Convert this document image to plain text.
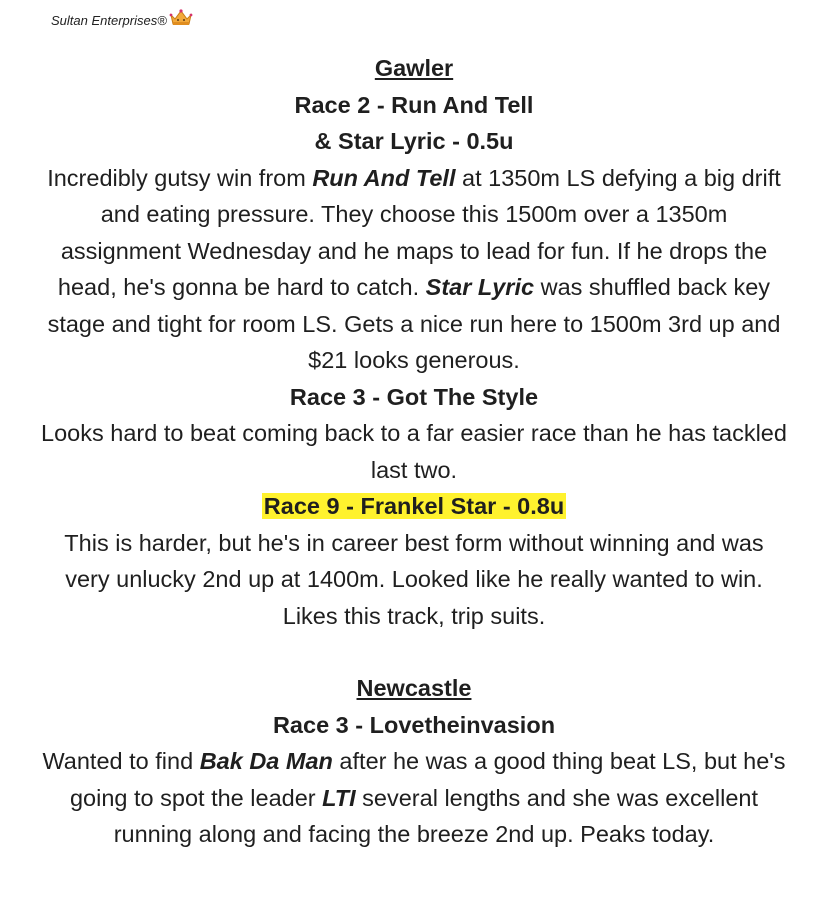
Sultan Enterprises®

Gawler

Race 2 - Run And Tell

& Star Lyric - 0.5u

Incredibly gutsy win from Run And Tell at 1350m LS defying a big drift and eating pressure. They choose this 1500m over a 1350m assignment Wednesday and he maps to lead for fun. If he drops the head, he's gonna be hard to catch. Star Lyric was shuffled back key stage and tight for room LS. Gets a nice run here to 1500m 3rd up and $21 looks generous.

Race 3 - Got The Style

Looks hard to beat coming back to a far easier race than he has tackled last two.

Race 9 - Frankel Star - 0.8u

This is harder, but he's in career best form without winning and was very unlucky 2nd up at 1400m. Looked like he really wanted to win. Likes this track, trip suits.

Newcastle

Race 3 - Lovetheinvasion

Wanted to find Bak Da Man after he was a good thing beat LS, but he's going to spot the leader LTI several lengths and she was excellent running along and facing the breeze 2nd up. Peaks today.
